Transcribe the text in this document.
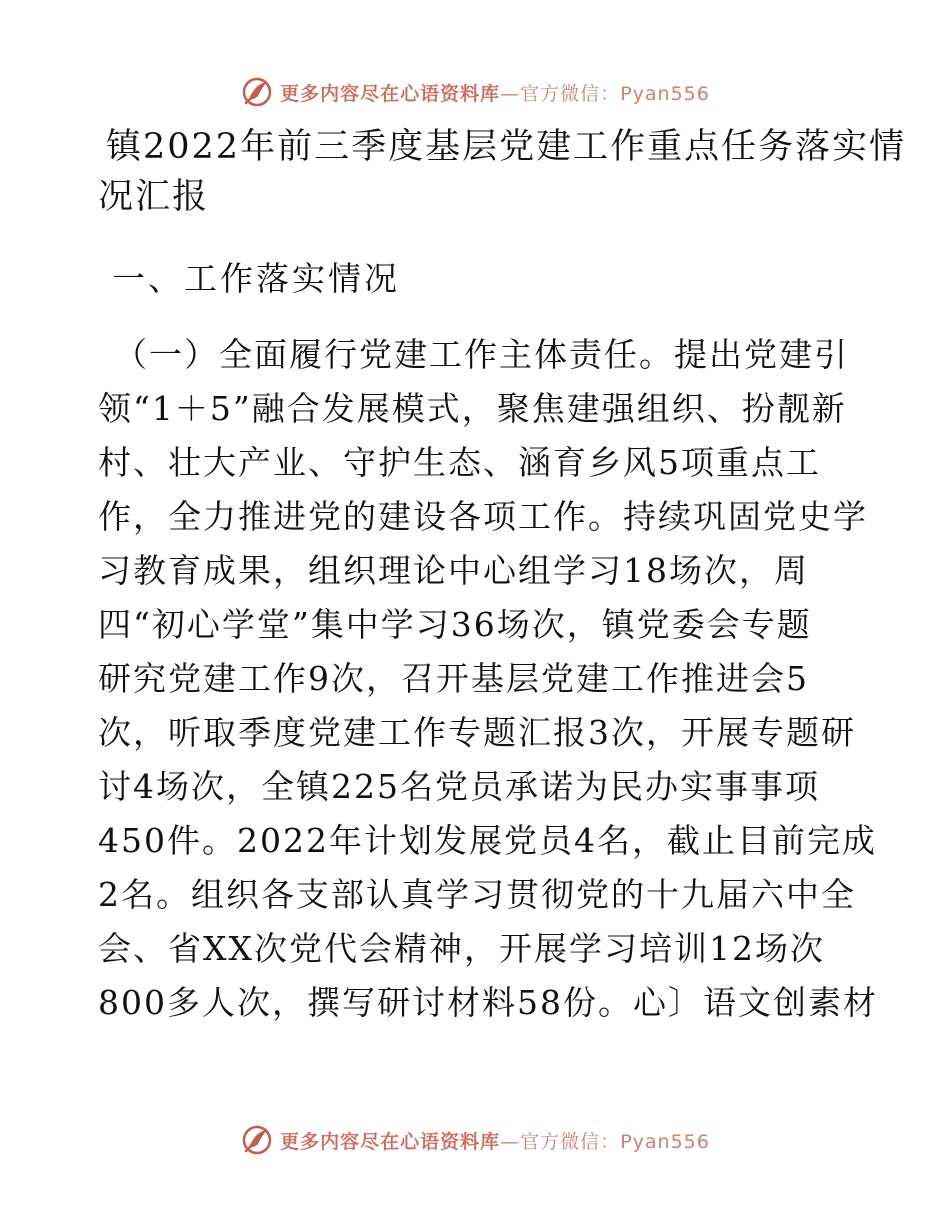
更多内容尽在心语资料库—官方微信：Pyan556
镇2022年前三季度基层党建工作重点任务落实情
况汇报
一、工作落实情况

（一）全面履行党建工作主体责任。提出党建引
领“1＋5”融合发展模式，聚焦建强组织、扮靓新
村、壮大产业、守护生态、涵育乡风5项重点工
作，全力推进党的建设各项工作。持续巩固党史学
习教育成果，组织理论中心组学习18场次，周
四“初心学堂”集中学习36场次，镇党委会专题
研究党建工作9次，召开基层党建工作推进会5
次，听取季度党建工作专题汇报3次，开展专题研
讨4场次，全镇225名党员承诺为民办实事事项
450件。2022年计划发展党员4名，截止目前完成
2名。组织各支部认真学习贯彻党的十九届六中全
会、省XX次党代会精神，开展学习培训12场次
800多人次，撰写研讨材料58份。心〕语文创素材

更多内容尽在心语资料库—官方微信：Pyan556
